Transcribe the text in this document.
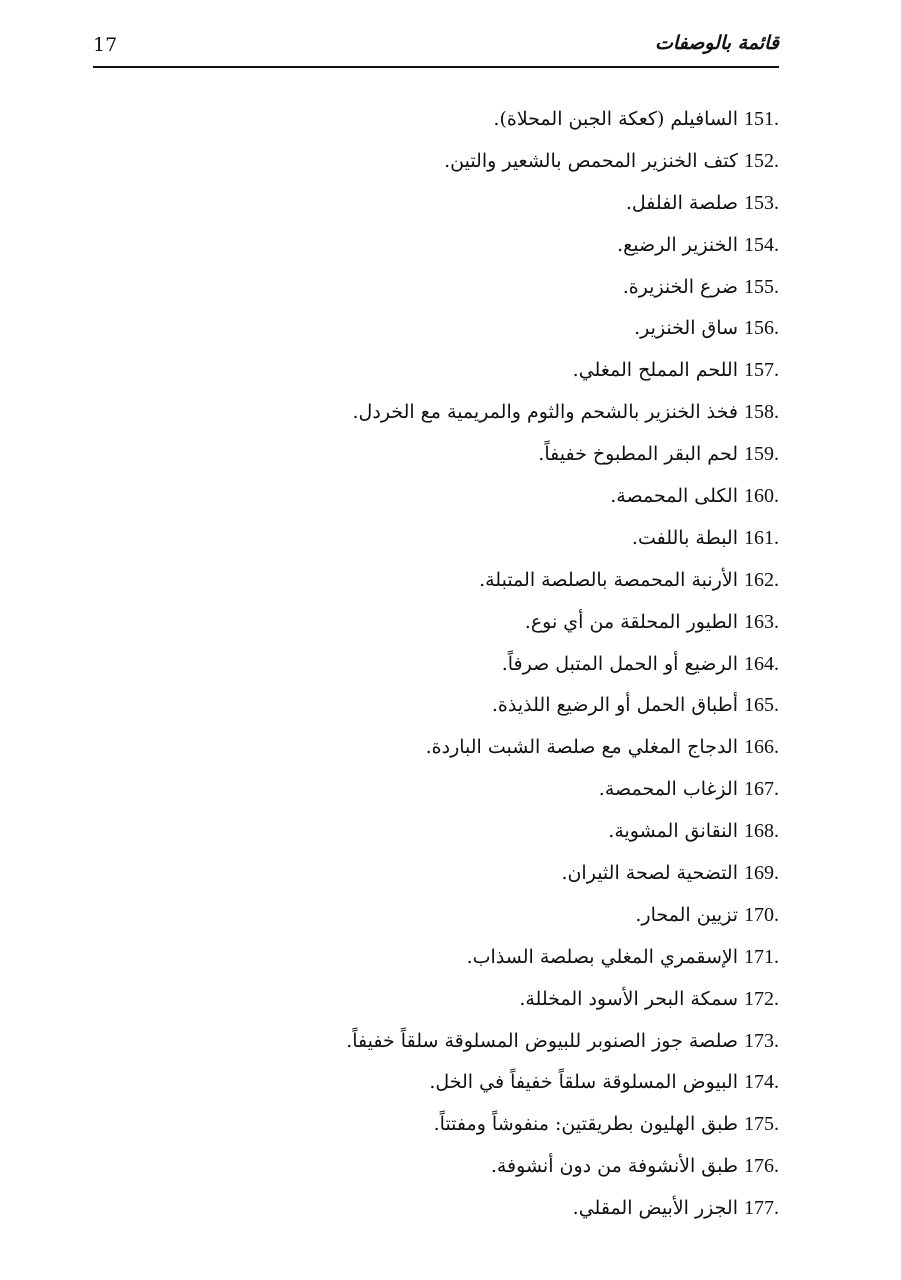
17	قائمة بالوصفات
151.السافيلم (كعكة الجبن المحلاة).
152.كتف الخنزير المحمص بالشعير والتين.
153.صلصة الفلفل.
154.الخنزير الرضيع.
155.ضرع الخنزيرة.
156.ساق الخنزير.
157.اللحم المملح المغلي.
158.فخذ الخنزير بالشحم والثوم والمريمية مع الخردل.
159.لحم البقر المطبوخ خفيفاً.
160.الكلى المحمصة.
161.البطة باللفت.
162.الأرنبة المحمصة بالصلصة المتبلة.
163.الطيور المحلقة من أي نوع.
164.الرضيع أو الحمل المتبل صرفاً.
165.أطباق الحمل أو الرضيع اللذيذة.
166.الدجاج المغلي مع صلصة الشبت الباردة.
167.الزغاب المحمصة.
168.النقانق المشوية.
169.التضحية لصحة الثيران.
170.تزيين المحار.
171.الإسقمري المغلي بصلصة السذاب.
172.سمكة البحر الأسود المخللة.
173.صلصة جوز الصنوبر للبيوض المسلوقة سلقاً خفيفاً.
174.البيوض المسلوقة سلقاً خفيفاً في الخل.
175.طبق الهليون بطريقتين: منفوشاً ومفتتاً.
176.طبق الأنشوفة من دون أنشوفة.
177.الجزر الأبيض المقلي.
